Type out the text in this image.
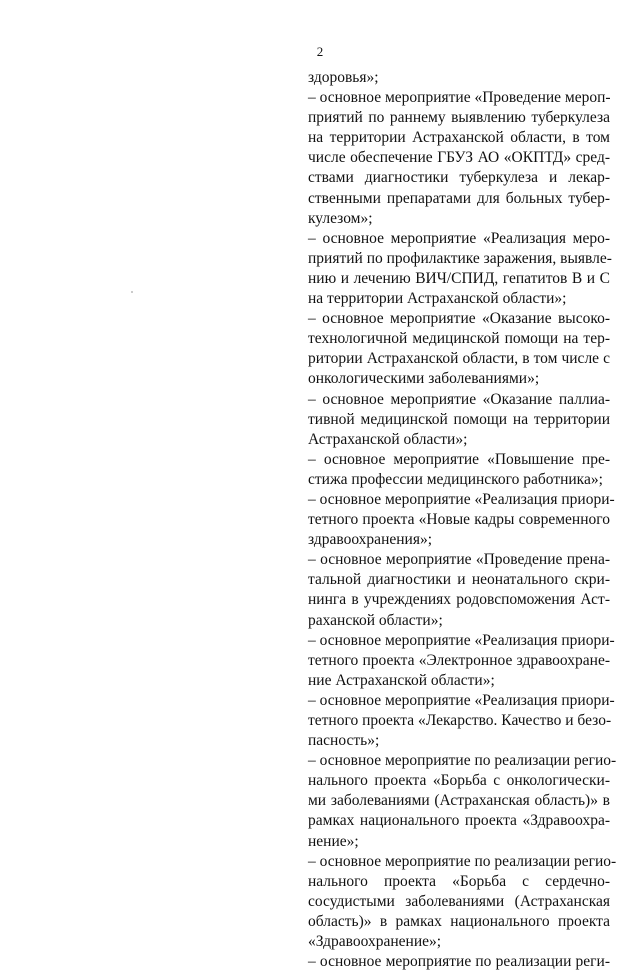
2
здоровья»;
– основное мероприятие «Проведение мероп-
приятий по раннему выявлению туберкулеза
на территории Астраханской области, в том
числе обеспечение ГБУЗ АО «ОКПТД» сред-
ствами диагностики туберкулеза и лекар-
ственными препаратами для больных тубер-
кулезом»;
– основное мероприятие «Реализация меро-
приятий по профилактике заражения, выявле-
нию и лечению ВИЧ/СПИД, гепатитов В и С
на территории Астраханской области»;
– основное мероприятие «Оказание высоко-
технологичной медицинской помощи на тер-
ритории Астраханской области, в том числе с
онкологическими заболеваниями»;
– основное мероприятие «Оказание паллиа-
тивной медицинской помощи на территории
Астраханской области»;
– основное мероприятие «Повышение пре-
стижа профессии медицинского работника»;
– основное мероприятие «Реализация приори-
тетного проекта «Новые кадры современного
здравоохранения»;
– основное мероприятие «Проведение прена-
тальной диагностики и неонатального скри-
нинга в учреждениях родовспоможения Аст-
раханской области»;
– основное мероприятие «Реализация приори-
тетного проекта «Электронное здравоохране-
ние Астраханской области»;
– основное мероприятие «Реализация приори-
тетного проекта «Лекарство. Качество и безо-
пасность»;
– основное мероприятие по реализации регио-
нального проекта «Борьба с онкологически-
ми заболеваниями (Астраханская область)» в
рамках национального проекта «Здравоохра-
нение»;
– основное мероприятие по реализации регио-
нального проекта «Борьба с сердечно-
сосудистыми заболеваниями (Астраханская
область)» в рамках национального проекта
«Здравоохранение»;
– основное мероприятие по реализации реги-
